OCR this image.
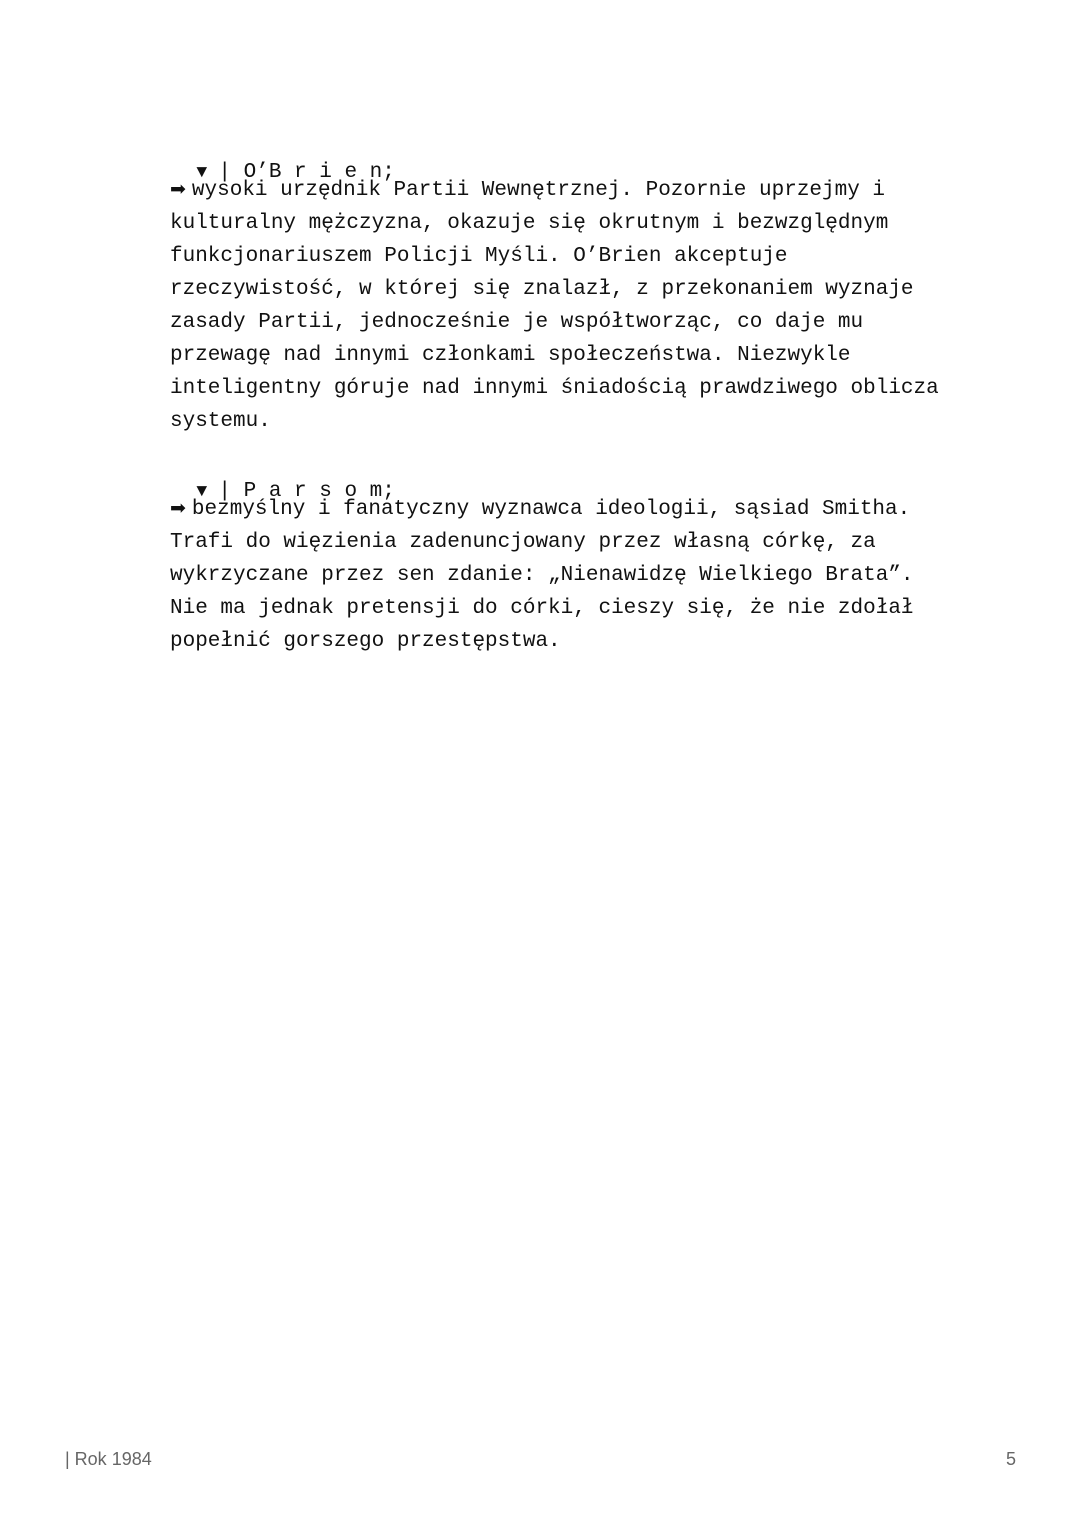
▼ | O’B r i e n;

➡ wysoki urzędnik Partii Wewnętrznej. Pozornie uprzejmy i kulturalny mężczyzna, okazuje się okrutnym i bezwzględnym funkcjonariuszem Policji Myśli. O’Brien akceptuje rzeczywistość, w której się znalazł, z przekonaniem wyznaje zasady Partii, jednocześnie je współtworząc, co daje mu przewagę nad innymi członkami społeczeństwa. Niezwykle inteligentny góruje nad innymi śniadością prawdziwego oblicza systemu.

▼ | P a r s o m;

➡ bezmyślny i fanatyczny wyznawca ideologii, sąsiad Smitha. Trafi do więzienia zadenuncjowany przez własną córkę, za wykrzyczane przez sen zdanie: „Nienawidzę Wielkiego Brata”. Nie ma jednak pretensji do córki, cieszy się, że nie zdołał popełnić gorszego przestępstwa.
| Rok 1984	5
